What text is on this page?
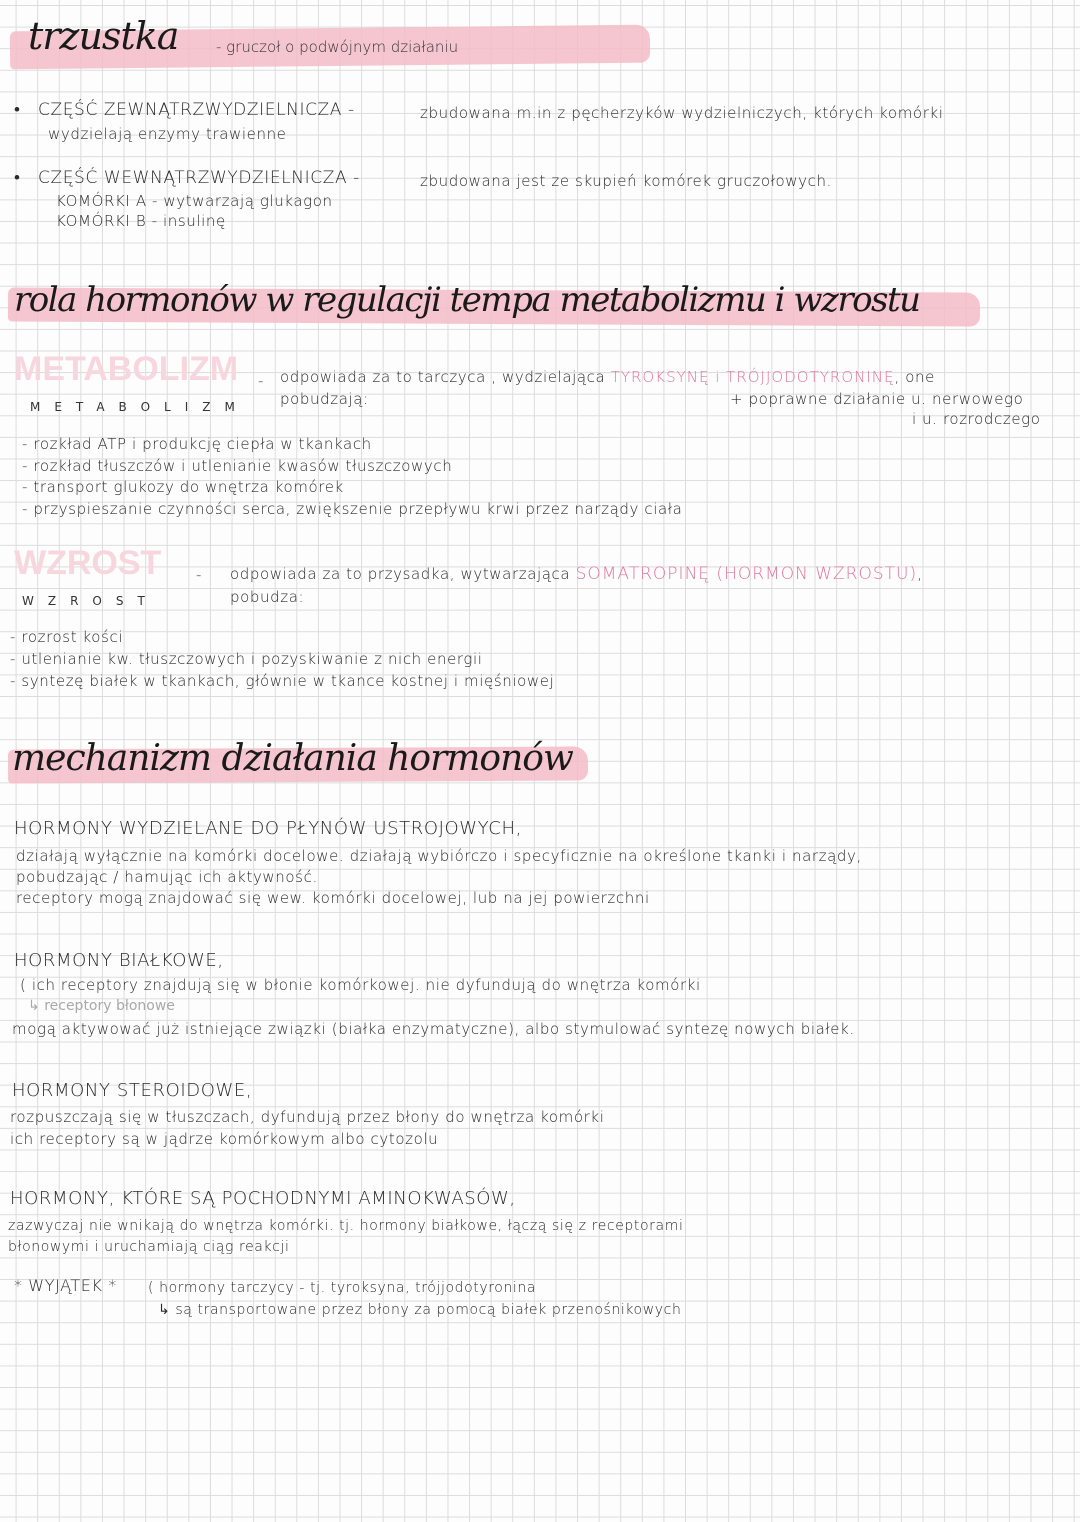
trzustka	- gruczoł o podwójnym działaniu
• CZĘŚĆ ZEWNĄTRZWYDZIELNICZA -	zbudowana m.in z pęcherzyków wydzielniczych, których komórki
wydzielają enzymy trawienne
• CZĘŚĆ WEWNĄTRZWYDZIELNICZA -	zbudowana jest ze skupień komórek gruczołowych.
KOMÓRKI A - wytwarzają glukagon
KOMÓRKI B - insulinę
rola hormonów w regulacji tempa metabolizmu i wzrostu
METABOLIZM
METABOLIZM
- odpowiada za to tarczyca , wydzielająca TYROKSYNĘ i TRÓJJODOTYRONINĘ, one
pobudzają:	+ poprawne działanie u. nerwowego
i u. rozrodczego
- rozkład ATP i produkcję ciepła w tkankach
- rozkład tłuszczów i utlenianie kwasów tłuszczowych
- transport glukozy do wnętrza komórek
- przyspieszanie czynności serca, zwiększenie przepływu krwi przez narządy ciała
WZROST
WZROST
- odpowiada za to przysadka, wytwarzająca SOMATROPINĘ (HORMON WZROSTU),
pobudza:
- rozrost kości
- utlenianie kw. tłuszczowych i pozyskiwanie z nich energii
- syntezę białek w tkankach, głównie w tkance kostnej i mięśniowej
mechanizm działania hormonów
HORMONY WYDZIELANE DO PŁYNÓW USTROJOWYCH,
działają wyłącznie na komórki docelowe. działają wybiórczo i specyficznie na określone tkanki i narządy,
pobudzając / hamując ich aktywność.
receptory mogą znajdować się wew. komórki docelowej, lub na jej powierzchni
HORMONY BIAŁKOWE,
( ich receptory znajdują się w błonie komórkowej. nie dyfundują do wnętrza komórki
↳ receptory błonowe
mogą aktywować już istniejące związki (białka enzymatyczne), albo stymulować syntezę nowych białek.
HORMONY STEROIDOWE,
rozpuszczają się w tłuszczach, dyfundują przez błony do wnętrza komórki
ich receptory są w jądrze komórkowym albo cytozolu
HORMONY, KTÓRE SĄ POCHODNYMI AMINOKWASÓW,
zazwyczaj nie wnikają do wnętrza komórki. tj. hormony białkowe, łączą się z receptorami
błonowymi i uruchamiają ciąg reakcji
* WYJĄTEK * ( hormony tarczycy - tj. tyroksyna, trójjodotyronina
↳ są transportowane przez błony za pomocą białek przenośnikowych
